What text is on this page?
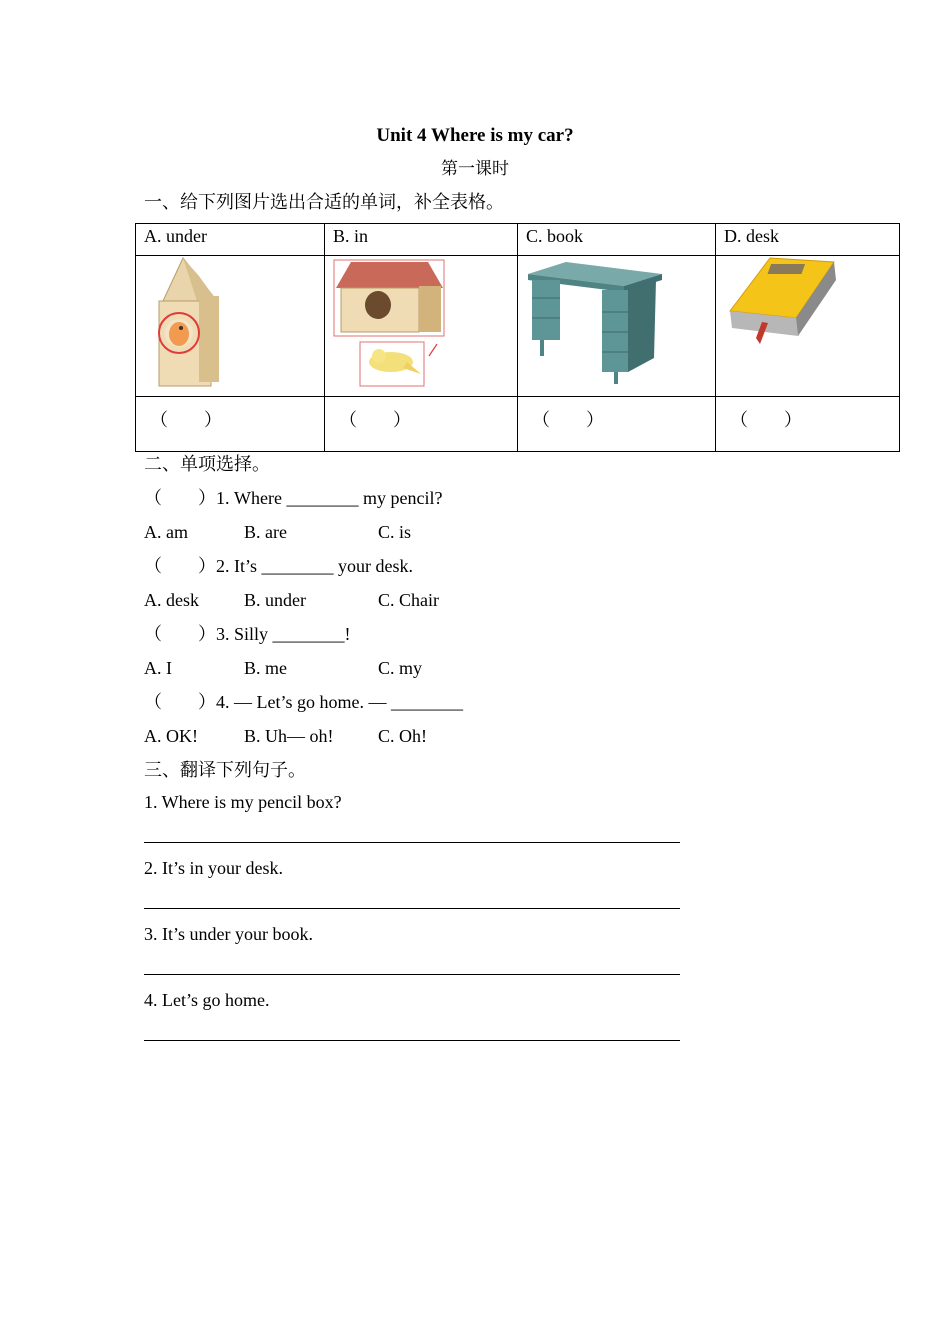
Unit 4 Where is my car?
第一课时
一、给下列图片选出合适的单词，补全表格。
A. under	B. in	C. book	D. desk

（　　）	（　　）	（　　）	（　　）
二、单项选择。
（　　）1. Where ________ my pencil?
A. am	B. are	C. is
（　　）2. It’s ________ your desk.
A. desk	B. under	C. Chair
（　　）3. Silly ________!
A. I	B. me	C. my
（　　）4. — Let’s go home. — ________
A. OK!	B. Uh— oh! C. Oh!
三、翻译下列句子。
1. Where is my pencil box?
2. It’s in your desk.
3. It’s under your book.
4. Let’s go home.
